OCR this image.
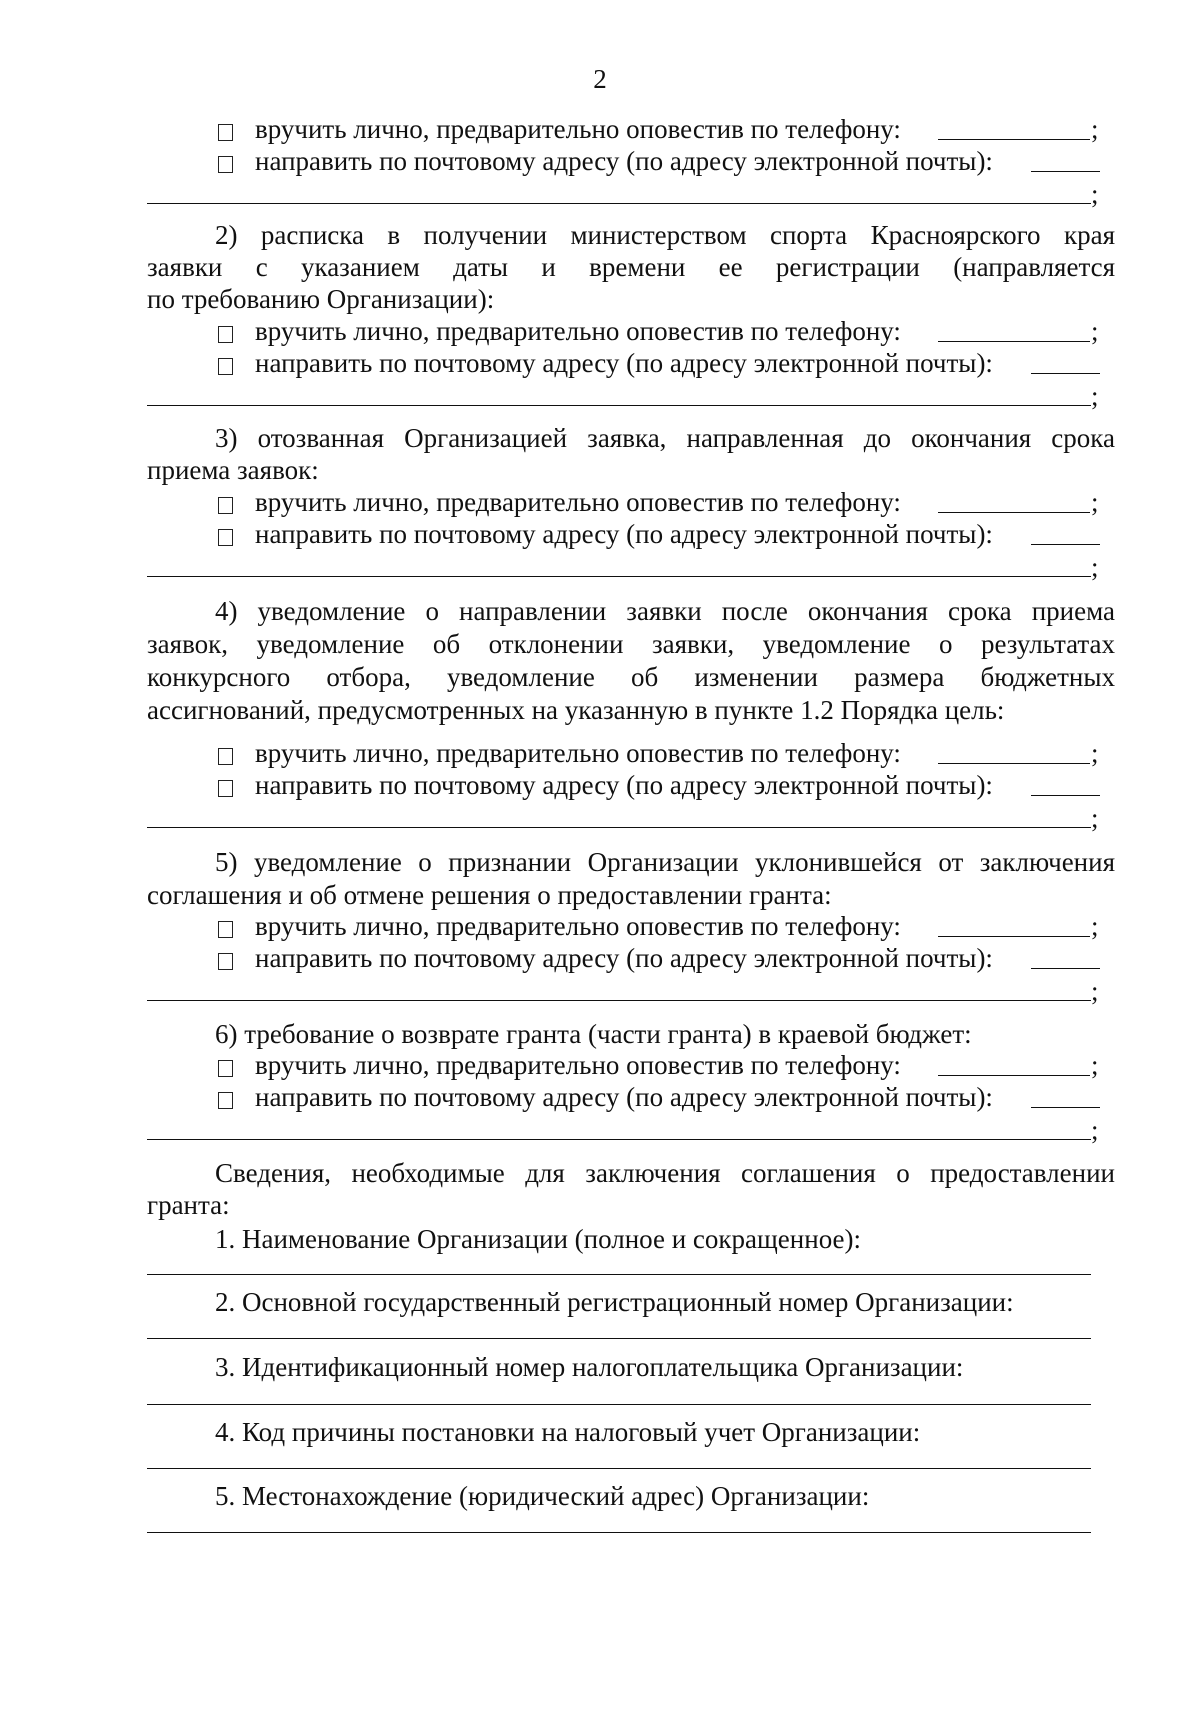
2
вручить лично, предварительно оповестив по телефону:	;
направить по почтовому адресу (по адресу электронной почты):
;
2) расписка в получении министерством спорта Красноярского края
заявки с указанием даты и времени ее регистрации (направляется
по требованию Организации):
вручить лично, предварительно оповестив по телефону:	;
направить по почтовому адресу (по адресу электронной почты):
;
3) отозванная Организацией заявка, направленная до окончания срока
приема заявок:
вручить лично, предварительно оповестив по телефону:	;
направить по почтовому адресу (по адресу электронной почты):
;
4) уведомление о направлении заявки после окончания срока приема
заявок, уведомление об отклонении заявки, уведомление о результатах
конкурсного отбора, уведомление об изменении размера бюджетных
ассигнований, предусмотренных на указанную в пункте 1.2 Порядка цель:
вручить лично, предварительно оповестив по телефону:	;
направить по почтовому адресу (по адресу электронной почты):
;
5) уведомление о признании Организации уклонившейся от заключения
соглашения и об отмене решения о предоставлении гранта:
вручить лично, предварительно оповестив по телефону:	;
направить по почтовому адресу (по адресу электронной почты):
;
6) требование о возврате гранта (части гранта) в краевой бюджет:
вручить лично, предварительно оповестив по телефону:	;
направить по почтовому адресу (по адресу электронной почты):
;
Сведения, необходимые для заключения соглашения о предоставлении
гранта:
1. Наименование Организации (полное и сокращенное):
2. Основной государственный регистрационный номер Организации:
3. Идентификационный номер налогоплательщика Организации:
4. Код причины постановки на налоговый учет Организации:
5. Местонахождение (юридический адрес) Организации:
